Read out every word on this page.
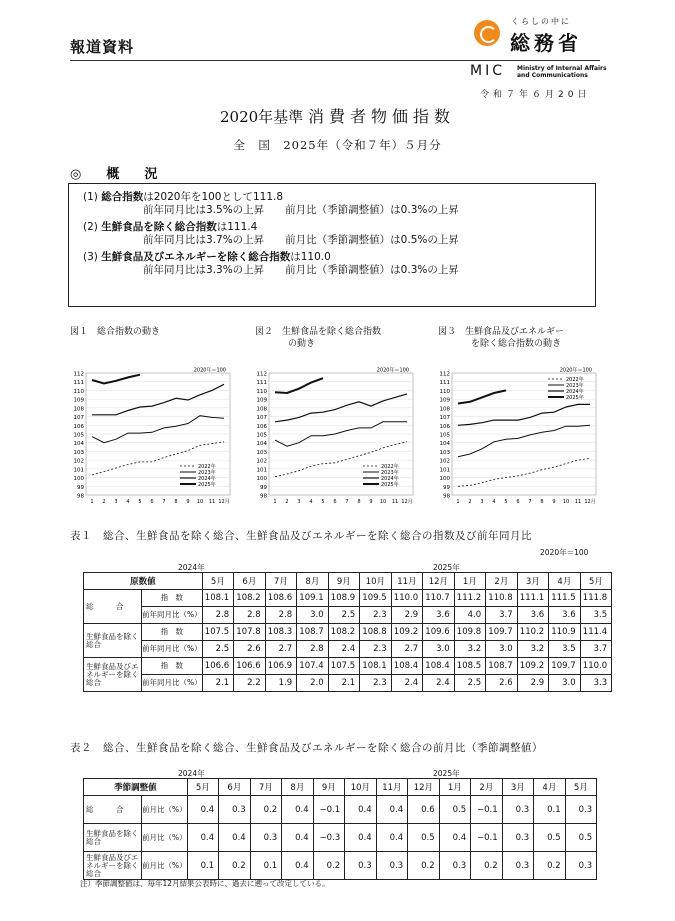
報道資料
くらしの中に
総務省
MIC Ministry of Internal Affairs
and Communications
令和７年６月20日
2020年基準 消費者物価指数
全　国　2025年（令和７年）５月分
◎　概　況
(1) 総合指数は2020年を100として111.8
前年同月比は3.5%の上昇　　前月比（季節調整値）は0.3%の上昇
(2) 生鮮食品を除く総合指数は111.4
前年同月比は3.7%の上昇　　前月比（季節調整値）は0.5%の上昇
(3) 生鮮食品及びエネルギーを除く総合指数は110.0
前年同月比は3.3%の上昇　　前月比（季節調整値）は0.3%の上昇
図１　総合指数の動き	図２　生鮮食品を除く総合指数
の動き
図３　生鮮食品及びエネルギー
を除く総合指数の動き
98
99
100
101
102
103
104
105
106
107
108
109
110
111
112
1 2 3 4 5 6 7 8 9 10 11 12月
2020年＝100
2022年
2023年
2024年
2025年
98
99
100
101
102
103
104
105
106
107
108
109
110
111
112
1 2 3 4 5 6 7 8 9 10 11 12月
2020年＝100
2022年
2023年
2024年
2025年
98
99
100
101
102
103
104
105
106
107
108
109
110
111
112
1 2 3 4 5 6 7 8 9 10 11 12月
2020年＝100
2022年
2023年
2024年
2025年
表１　総合、生鮮食品を除く総合、生鮮食品及びエネルギーを除く総合の指数及び前年同月比
2020年＝100
2024年	2025年
原数値		5月	6月	7月	8月	9月	10月	11月	12月	1月	2月	3月	4月	5月
総　　　合	指　数	108.1	108.2	108.6	109.1	108.9	109.5	110.0	110.7	111.2	110.8	111.1	111.5	111.8
	前年同月比（%）	2.8	2.8	2.8	3.0	2.5	2.3	2.9	3.6	4.0	3.7	3.6	3.6	3.5
生鮮食品を除く総合	指　数	107.5	107.8	108.3	108.7	108.2	108.8	109.2	109.6	109.8	109.7	110.2	110.9	111.4
	前年同月比（%）	2.5	2.6	2.7	2.8	2.4	2.3	2.7	3.0	3.2	3.0	3.2	3.5	3.7
生鮮食品及びエネルギーを除く総合	指　数	106.6	106.6	106.9	107.4	107.5	108.1	108.4	108.4	108.5	108.7	109.2	109.7	110.0
	前年同月比（%）	2.1	2.2	1.9	2.0	2.1	2.3	2.4	2.4	2.5	2.6	2.9	3.0	3.3
表２　総合、生鮮食品を除く総合、生鮮食品及びエネルギーを除く総合の前月比（季節調整値）
2024年	2025年
季節調整値		5月	6月	7月	8月	9月	10月	11月	12月	1月	2月	3月	4月	5月
総　　　合	前月比（%）	0.4	0.3	0.2	0.4	−0.1	0.4	0.4	0.6	0.5	−0.1	0.3	0.1	0.3
生鮮食品を除く総合	前月比（%）	0.4	0.4	0.3	0.4	−0.3	0.4	0.4	0.5	0.4	−0.1	0.3	0.5	0.5
生鮮食品及びエネルギーを除く総合	前月比（%）	0.1	0.2	0.1	0.4	0.2	0.3	0.3	0.2	0.3	0.2	0.3	0.2	0.3
注）季節調整値は、毎年12月結果公表時に、過去に遡って改定している。
